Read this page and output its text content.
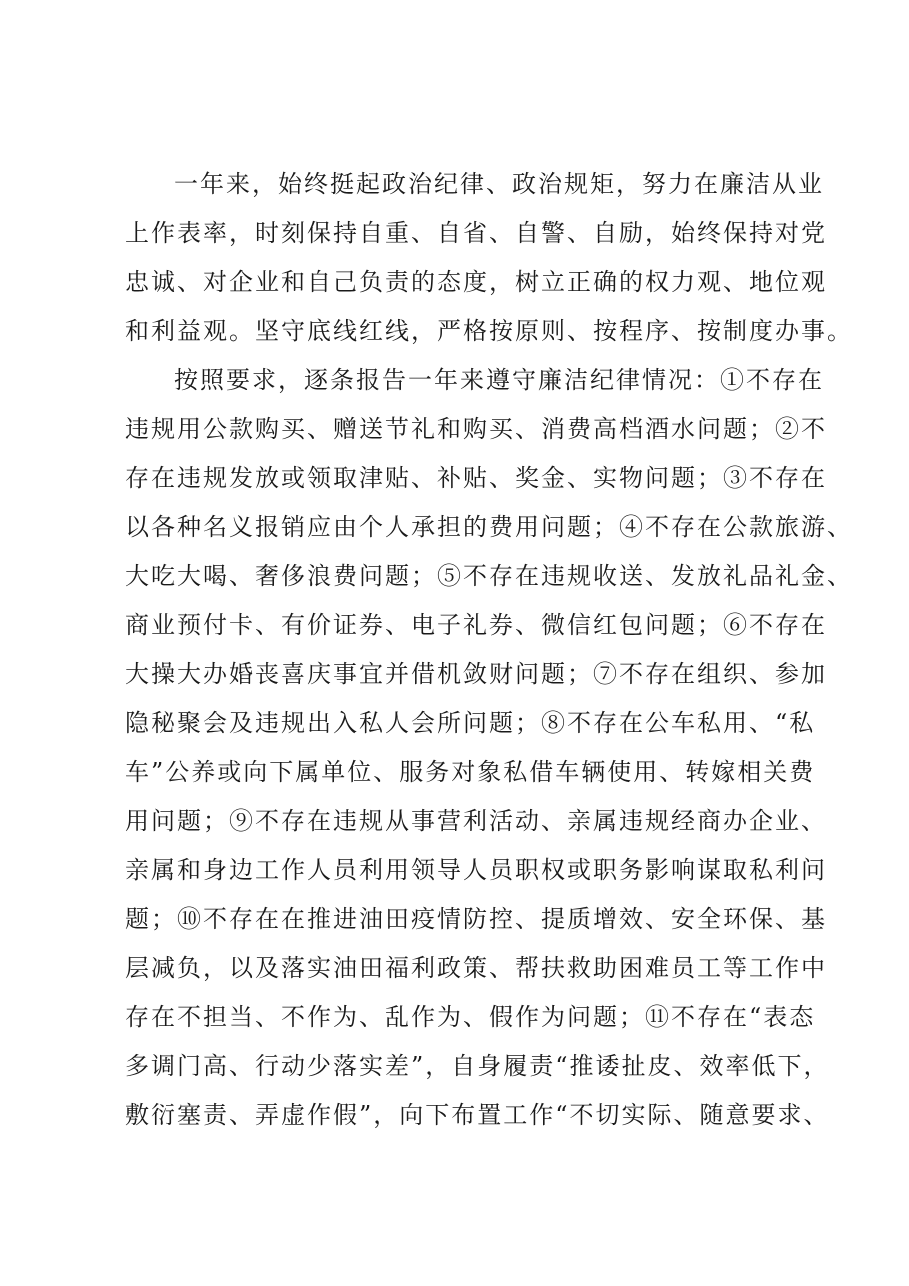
一年来，始终挺起政治纪律、政治规矩，努力在廉洁从业
上作表率，时刻保持自重、自省、自警、自励，始终保持对党
忠诚、对企业和自己负责的态度，树立正确的权力观、地位观
和利益观。坚守底线红线，严格按原则、按程序、按制度办事。
按照要求，逐条报告一年来遵守廉洁纪律情况：①不存在
违规用公款购买、赠送节礼和购买、消费高档酒水问题；②不
存在违规发放或领取津贴、补贴、奖金、实物问题；③不存在
以各种名义报销应由个人承担的费用问题；④不存在公款旅游、
大吃大喝、奢侈浪费问题；⑤不存在违规收送、发放礼品礼金、
商业预付卡、有价证券、电子礼券、微信红包问题；⑥不存在
大操大办婚丧喜庆事宜并借机敛财问题；⑦不存在组织、参加
隐秘聚会及违规出入私人会所问题；⑧不存在公车私用、“私
车”公养或向下属单位、服务对象私借车辆使用、转嫁相关费
用问题；⑨不存在违规从事营利活动、亲属违规经商办企业、
亲属和身边工作人员利用领导人员职权或职务影响谋取私利问
题；⑩不存在在推进油田疫情防控、提质增效、安全环保、基
层减负，以及落实油田福利政策、帮扶救助困难员工等工作中
存在不担当、不作为、乱作为、假作为问题；⑪不存在“表态
多调门高、行动少落实差”，自身履责“推诿扯皮、效率低下，
敷衍塞责、弄虚作假”，向下布置工作“不切实际、随意要求、
